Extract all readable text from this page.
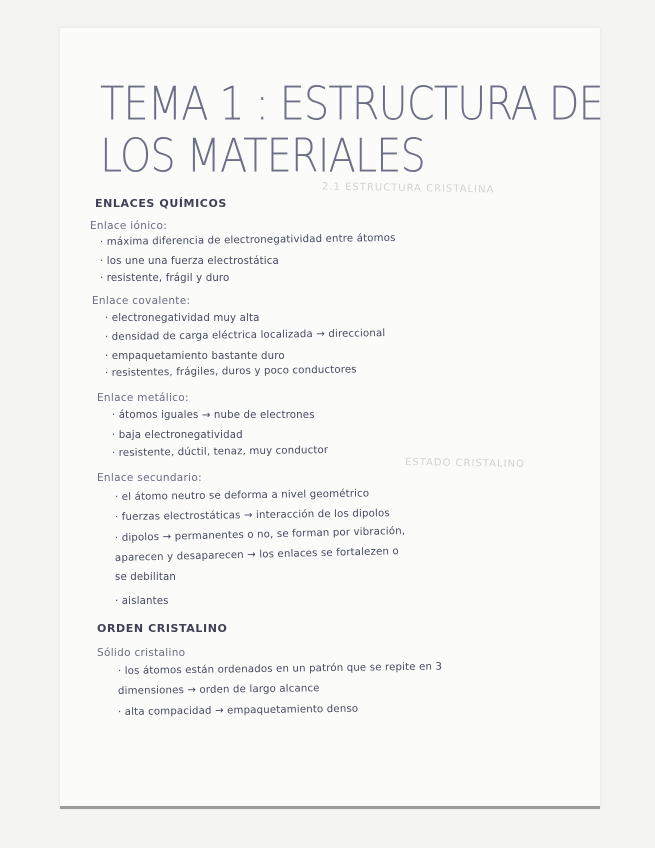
2.1 ESTRUCTURA CRISTALINA
ESTADO CRISTALINO
TEMA 1 : ESTRUCTURA DE
LOS MATERIALES
ENLACES QUÍMICOS
Enlace iónico:
· máxima diferencia de electronegatividad entre átomos
· los une una fuerza electrostática
· resistente, frágil y duro
Enlace covalente:
· electronegatividad muy alta
· densidad de carga eléctrica localizada → direccional
· empaquetamiento bastante duro
· resistentes, frágiles, duros y poco conductores
Enlace metálico:
· átomos iguales → nube de electrones
· baja electronegatividad
· resistente, dúctil, tenaz, muy conductor
Enlace secundario:
· el átomo neutro se deforma a nivel geométrico
· fuerzas electrostáticas → interacción de los dipolos
· dipolos → permanentes o no, se forman por vibración,
aparecen y desaparecen → los enlaces se fortalezen o
se debilitan
· aislantes
ORDEN CRISTALINO
Sólido cristalino
· los átomos están ordenados en un patrón que se repite en 3
dimensiones → orden de largo alcance
· alta compacidad → empaquetamiento denso
